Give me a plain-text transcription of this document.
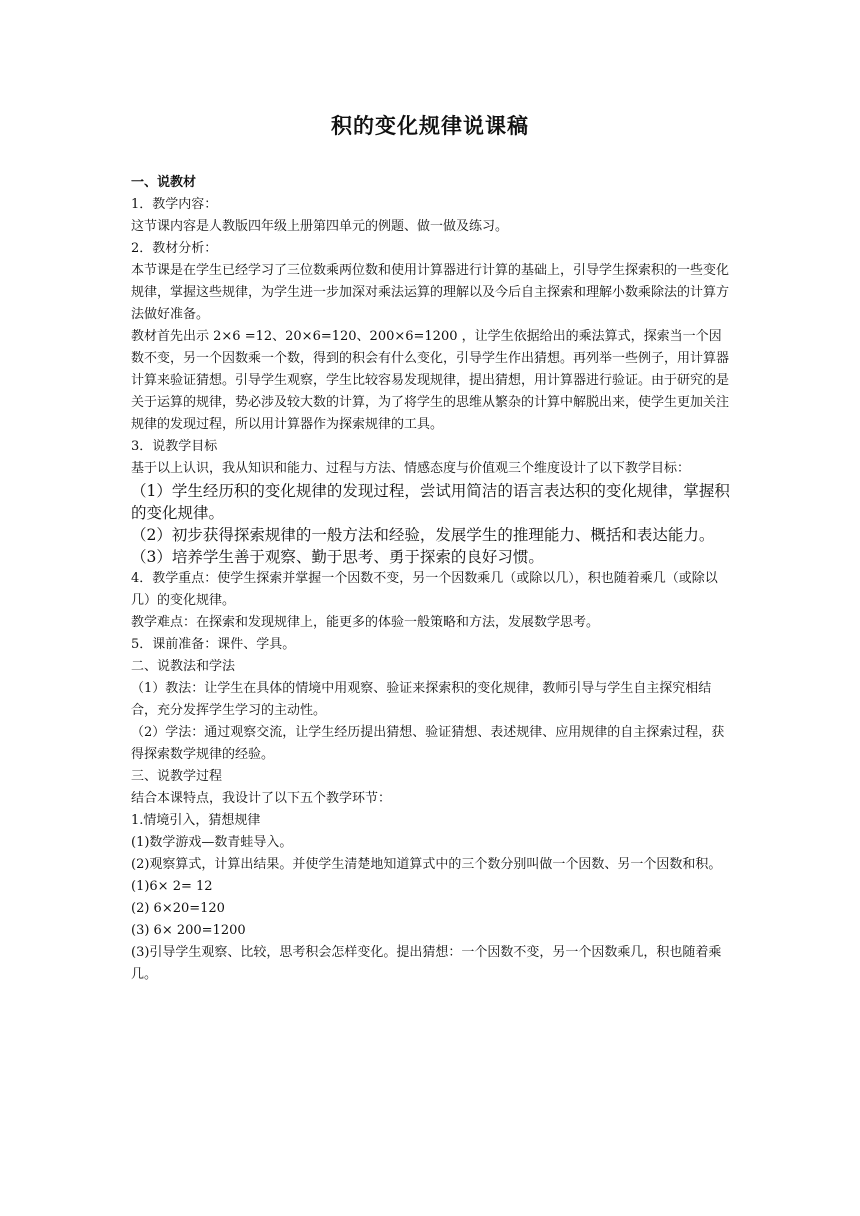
积的变化规律说课稿

一、说教材

1．教学内容：

这节课内容是人教版四年级上册第四单元的例题、做一做及练习。

2．教材分析：

本节课是在学生已经学习了三位数乘两位数和使用计算器进行计算的基础上，引导学生探索积的一些变化规律，掌握这些规律，为学生进一步加深对乘法运算的理解以及今后自主探索和理解小数乘除法的计算方法做好准备。

教材首先出示 2×6 =12、20×6=120、200×6=1200 ，让学生依据给出的乘法算式，探索当一个因数不变，另一个因数乘一个数，得到的积会有什么变化，引导学生作出猜想。再列举一些例子，用计算器计算来验证猜想。引导学生观察，学生比较容易发现规律，提出猜想，用计算器进行验证。由于研究的是关于运算的规律，势必涉及较大数的计算，为了将学生的思维从繁杂的计算中解脱出来，使学生更加关注规律的发现过程，所以用计算器作为探索规律的工具。

3．说教学目标

基于以上认识，我从知识和能力、过程与方法、情感态度与价值观三个维度设计了以下教学目标：

（1）学生经历积的变化规律的发现过程，尝试用简洁的语言表达积的变化规律，掌握积的变化规律。

（2）初步获得探索规律的一般方法和经验，发展学生的推理能力、概括和表达能力。

（3）培养学生善于观察、勤于思考、勇于探索的良好习惯。

4．教学重点：使学生探索并掌握一个因数不变，另一个因数乘几（或除以几），积也随着乘几（或除以几）的变化规律。

教学难点：在探索和发现规律上，能更多的体验一般策略和方法，发展数学思考。

5．课前准备：课件、学具。

二、说教法和学法

（1）教法：让学生在具体的情境中用观察、验证来探索积的变化规律，教师引导与学生自主探究相结合，充分发挥学生学习的主动性。

（2）学法：通过观察交流，让学生经历提出猜想、验证猜想、表述规律、应用规律的自主探索过程，获得探索数学规律的经验。

三、说教学过程

结合本课特点，我设计了以下五个教学环节：

1.情境引入，猜想规律

(1)数学游戏—数青蛙导入。

(2)观察算式，计算出结果。并使学生清楚地知道算式中的三个数分别叫做一个因数、另一个因数和积。

(1)6× 2= 12

(2) 6×20=120

(3) 6× 200=1200

(3)引导学生观察、比较，思考积会怎样变化。提出猜想：一个因数不变，另一个因数乘几，积也随着乘几。
